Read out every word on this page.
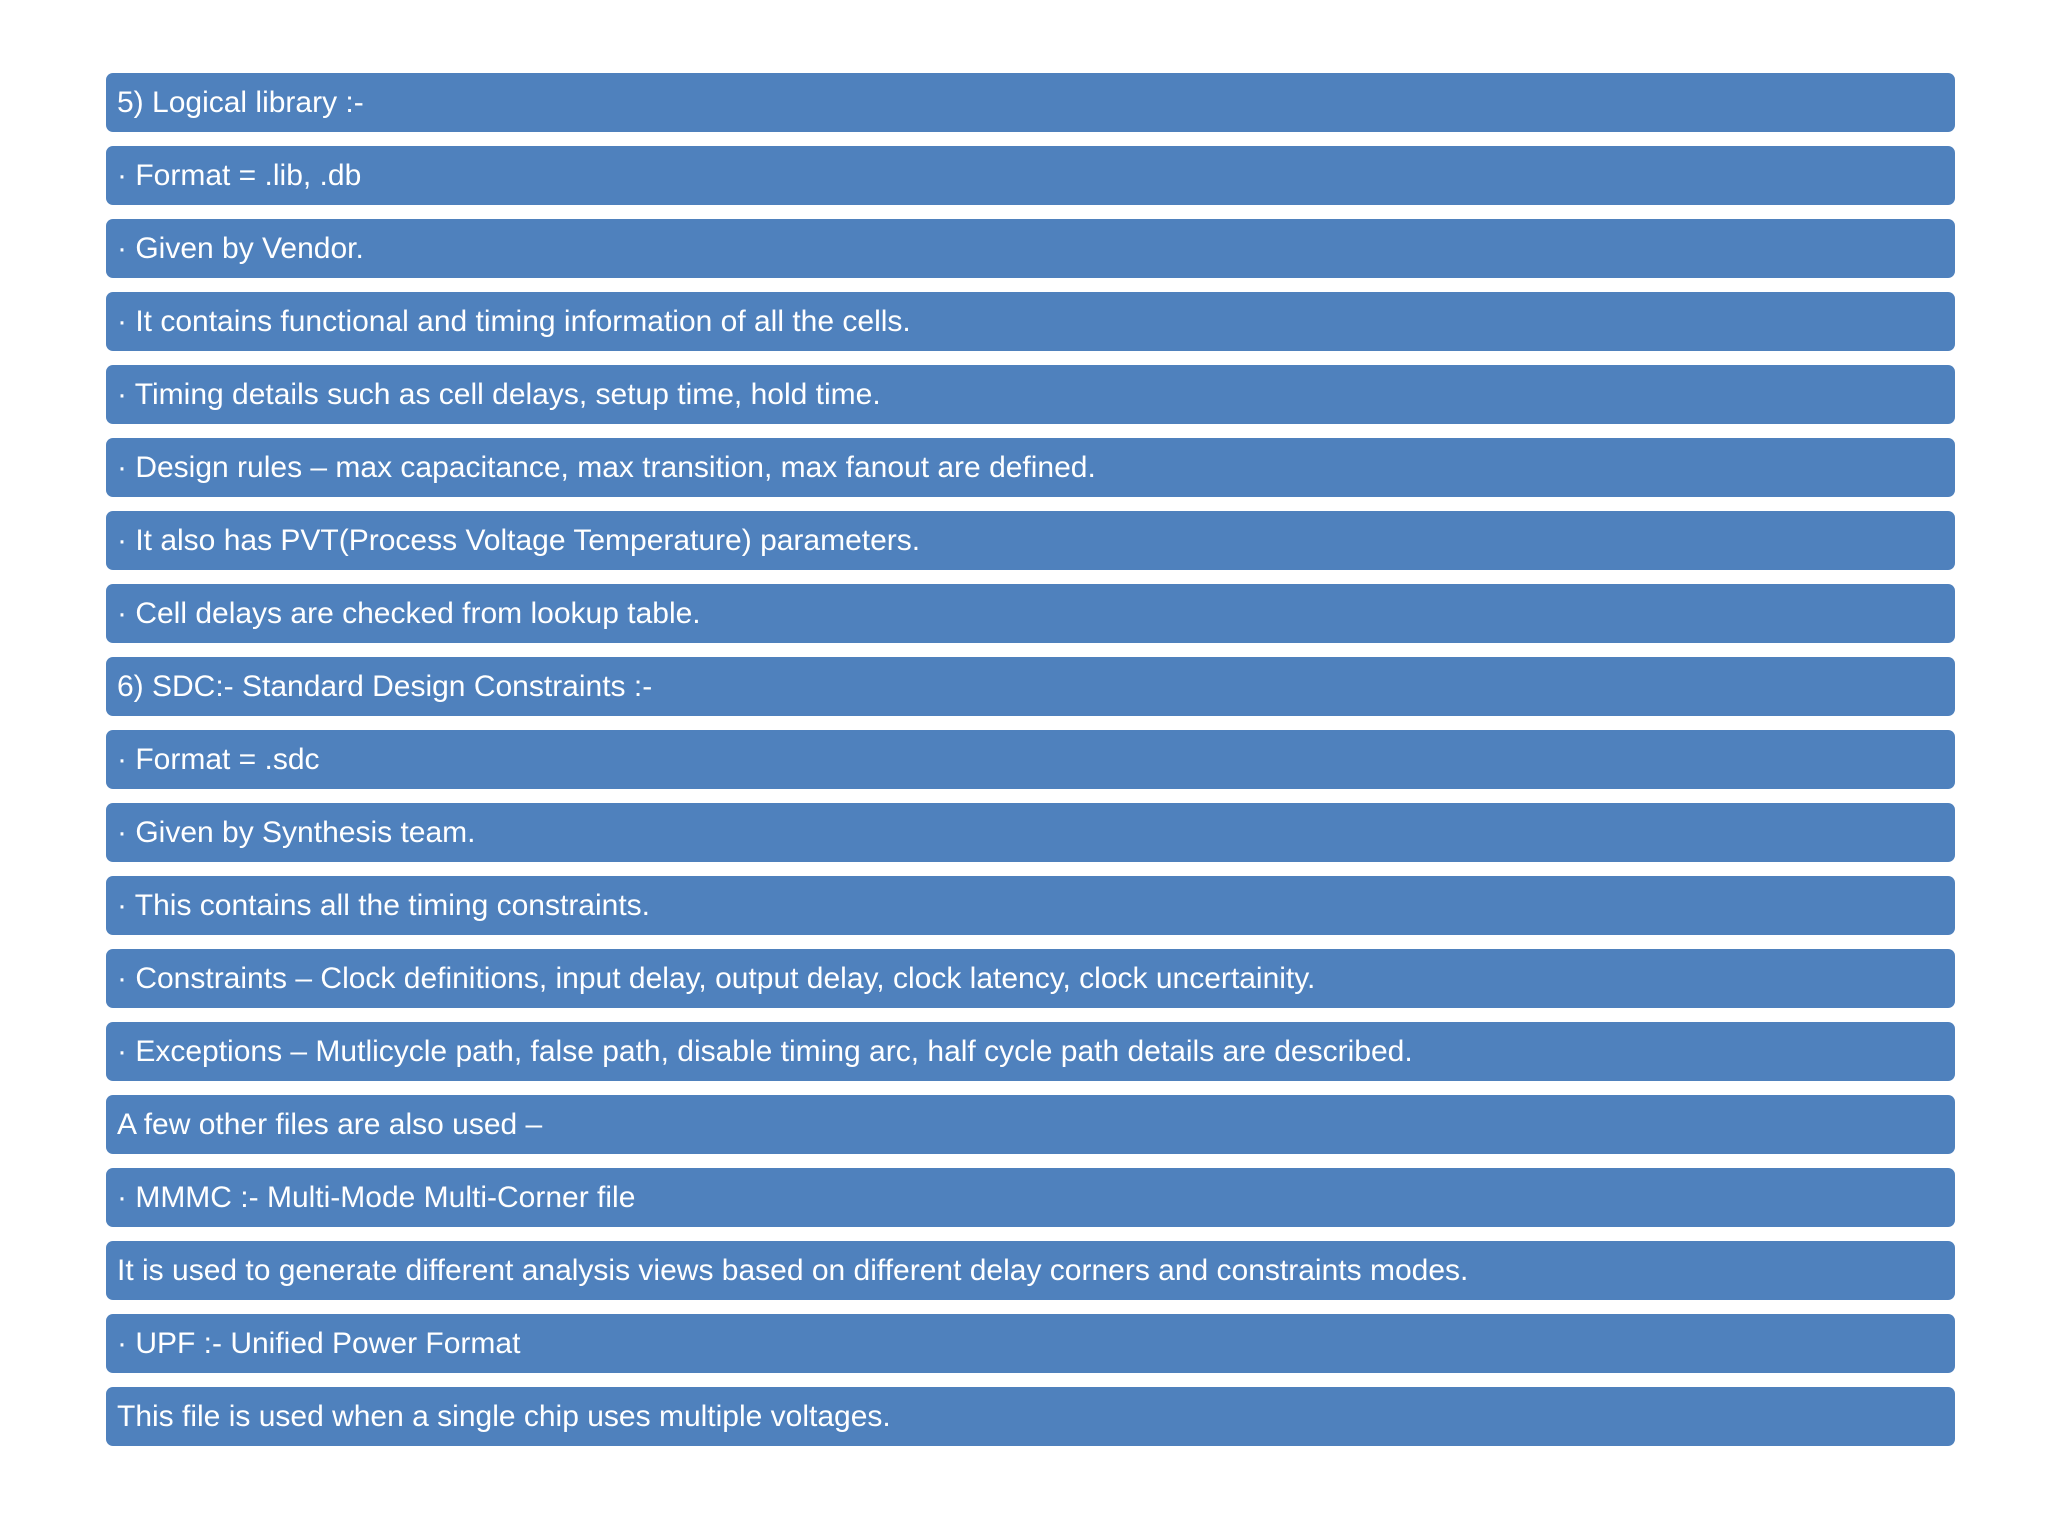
5) Logical library :-
· Format = .lib, .db
· Given by Vendor.
· It contains functional and timing information of all the cells.
· Timing details such as cell delays, setup time, hold time.
· Design rules – max capacitance, max transition, max fanout are defined.
· It also has PVT(Process Voltage Temperature) parameters.
· Cell delays are checked from lookup table.
6) SDC:- Standard Design Constraints :-
· Format = .sdc
· Given by Synthesis team.
· This contains all the timing constraints.
· Constraints – Clock definitions, input delay, output delay, clock latency, clock uncertainity.
· Exceptions – Mutlicycle path, false path, disable timing arc, half cycle path details are described.
A few other files are also used –
· MMMC :- Multi-Mode Multi-Corner file
It is used to generate different analysis views based on different delay corners and constraints modes.
· UPF :- Unified Power Format
This file is used when a single chip uses multiple voltages.
